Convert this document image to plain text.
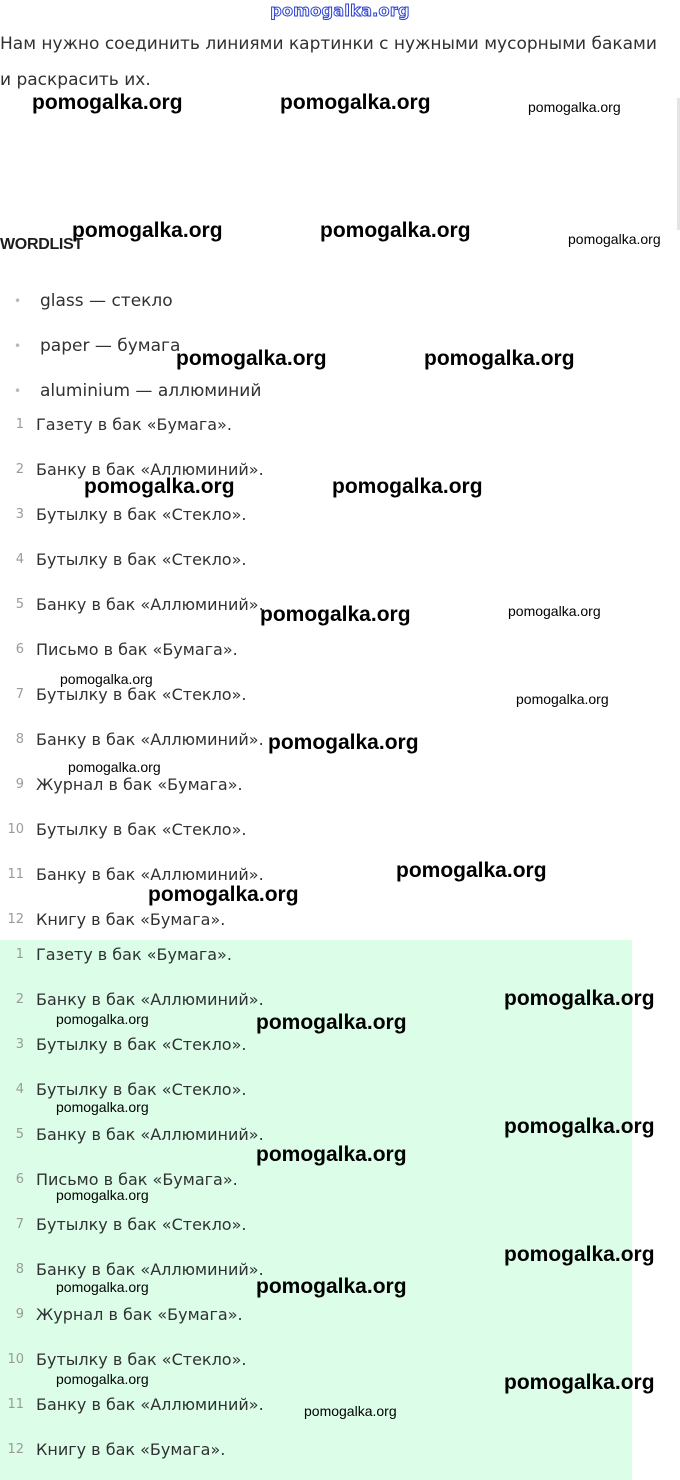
pomogalka.org
Нам нужно соединить линиями картинки с нужными мусорными баками и раскрасить их.
WORDLIST
• glass — стекло
• paper — бумага
• aluminium — аллюминий
1 Газету в бак «Бумага».
2 Банку в бак «Аллюминий».
3 Бутылку в бак «Стекло».
4 Бутылку в бак «Стекло».
5 Банку в бак «Аллюминий».
6 Письмо в бак «Бумага».
7 Бутылку в бак «Стекло».
8 Банку в бак «Аллюминий».
9 Журнал в бак «Бумага».
10 Бутылку в бак «Стекло».
11 Банку в бак «Аллюминий».
12 Книгу в бак «Бумага».
1 Газету в бак «Бумага».
2 Банку в бак «Аллюминий».
3 Бутылку в бак «Стекло».
4 Бутылку в бак «Стекло».
5 Банку в бак «Аллюминий».
6 Письмо в бак «Бумага».
7 Бутылку в бак «Стекло».
8 Банку в бак «Аллюминий».
9 Журнал в бак «Бумага».
10 Бутылку в бак «Стекло».
11 Банку в бак «Аллюминий».
12 Книгу в бак «Бумага».
pomogalka.org	pomogalka.org	pomogalka.org
pomogalka.org	pomogalka.org	pomogalka.org
pomogalka.org	pomogalka.org
pomogalka.org	pomogalka.org
pomogalka.org	pomogalka.org
pomogalka.org
pomogalka.org
pomogalka.org
pomogalka.org
pomogalka.org
pomogalka.org
pomogalka.org
pomogalka.org	pomogalka.org
pomogalka.org
pomogalka.org
pomogalka.org
pomogalka.org
pomogalka.org
pomogalka.org	pomogalka.org
pomogalka.org	pomogalka.org
pomogalka.org
